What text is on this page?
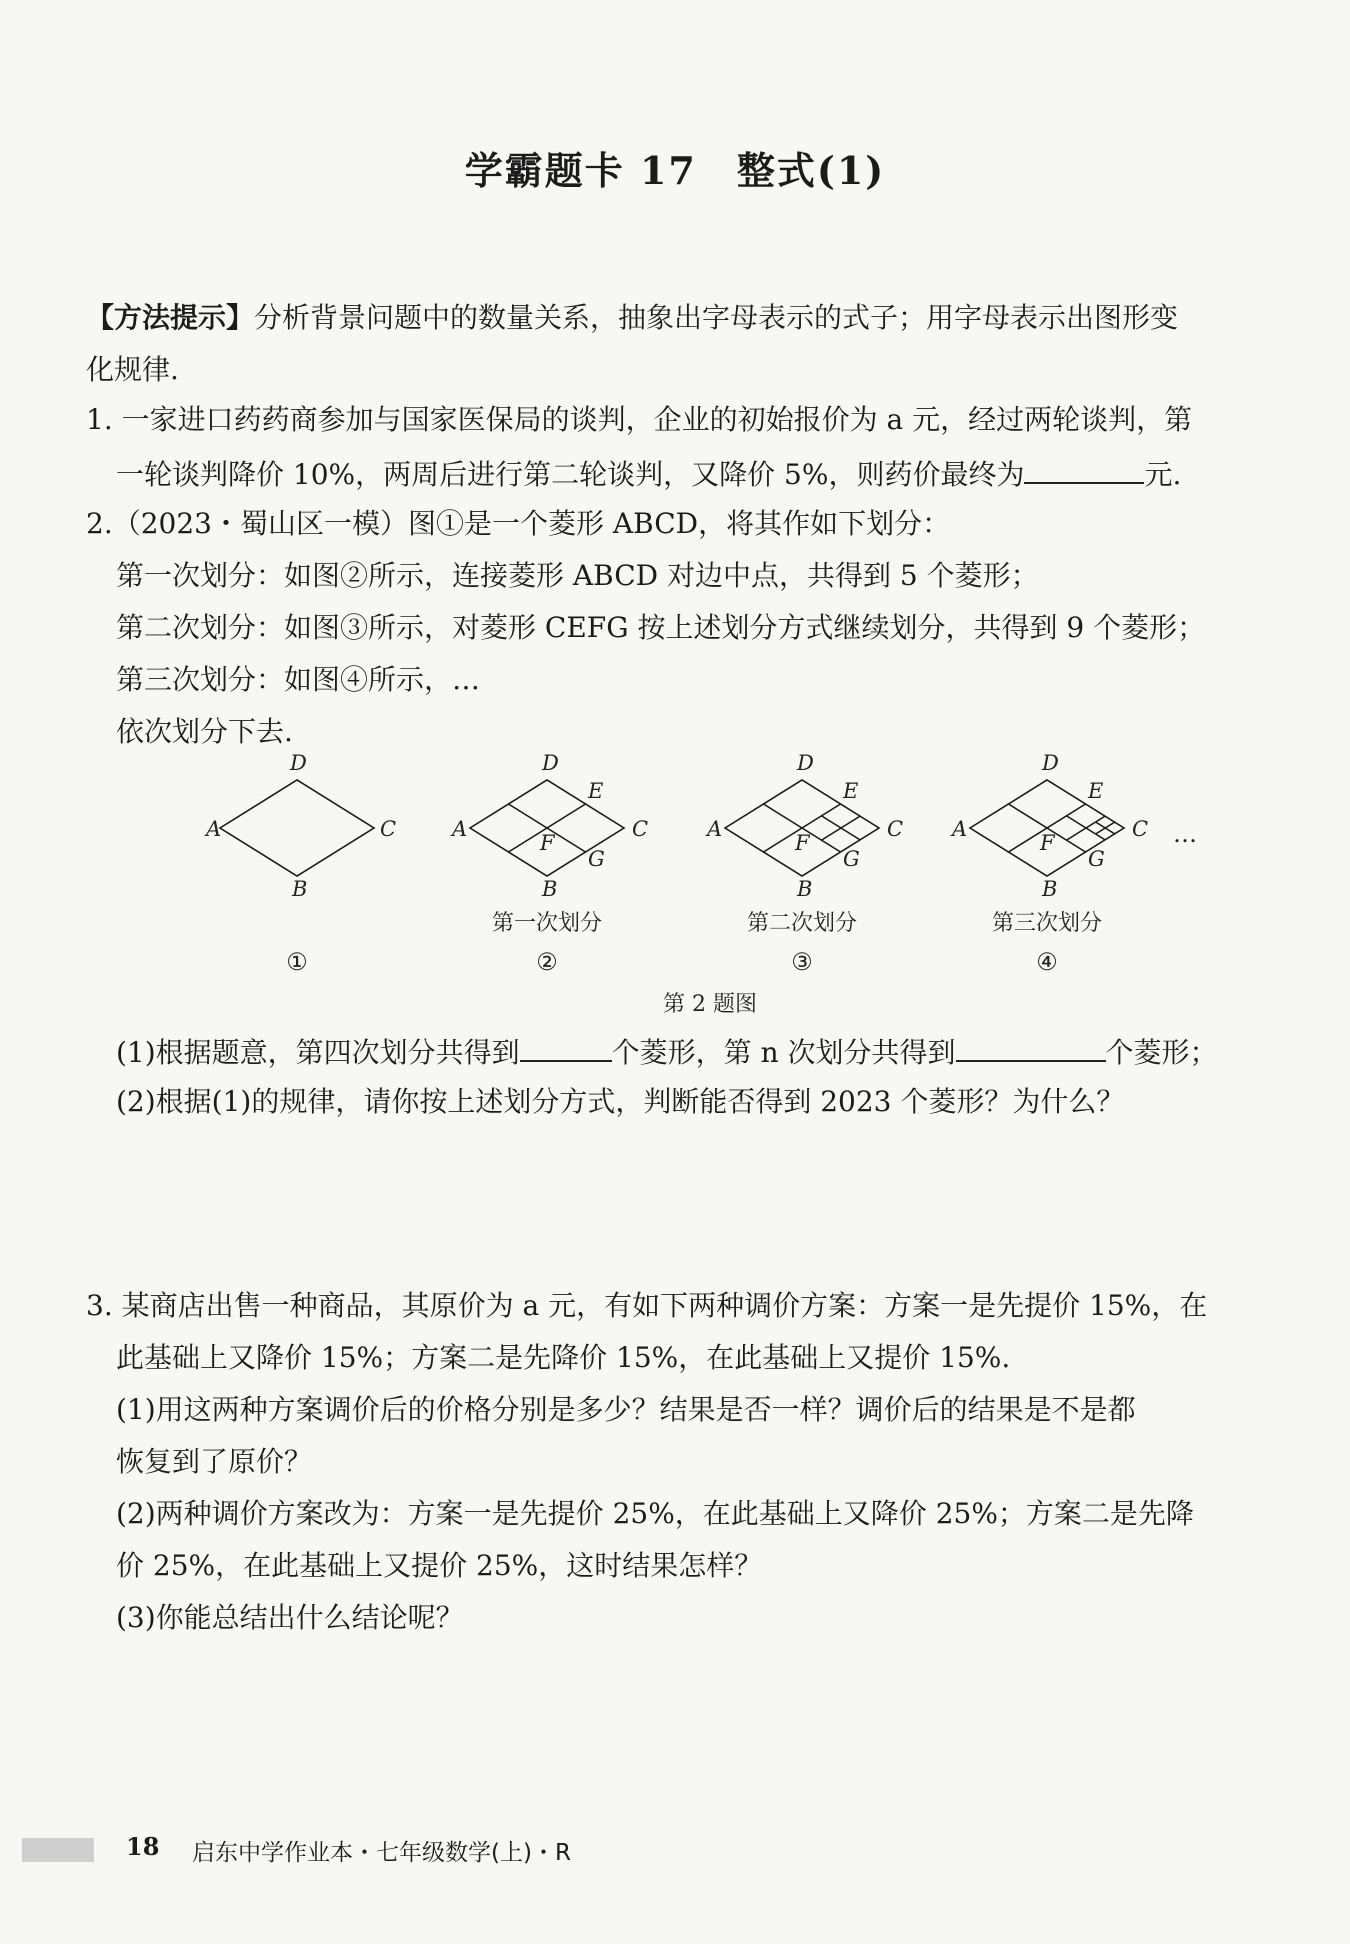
学霸题卡 17 整式(1)
【方法提示】分析背景问题中的数量关系，抽象出字母表示的式子；用字母表示出图形变
化规律.
1. 一家进口药药商参加与国家医保局的谈判，企业的初始报价为 a 元，经过两轮谈判，第
一轮谈判降价 10%，两周后进行第二轮谈判，又降价 5%，则药价最终为	元.
2.（2023・蜀山区一模）图①是一个菱形 ABCD，将其作如下划分：
第一次划分：如图②所示，连接菱形 ABCD 对边中点，共得到 5 个菱形；
第二次划分：如图③所示，对菱形 CEFG 按上述划分方式继续划分，共得到 9 个菱形；
第三次划分：如图④所示，…
依次划分下去.
D
A	C
B
D
A	C
B
E
F
G
D
A	C
B
E
F
G
D
A	C
B
E
F
G
…
第一次划分	第二次划分	第三次划分
①	②	③	④
第 2 题图
(1)根据题意，第四次划分共得到	个菱形，第 n 次划分共得到	个菱形；
(2)根据(1)的规律，请你按上述划分方式，判断能否得到 2023 个菱形？为什么？
3. 某商店出售一种商品，其原价为 a 元，有如下两种调价方案：方案一是先提价 15%，在
此基础上又降价 15%；方案二是先降价 15%，在此基础上又提价 15%.
(1)用这两种方案调价后的价格分别是多少？结果是否一样？调价后的结果是不是都
恢复到了原价？
(2)两种调价方案改为：方案一是先提价 25%，在此基础上又降价 25%；方案二是先降
价 25%，在此基础上又提价 25%，这时结果怎样？
(3)你能总结出什么结论呢？
18 启东中学作业本・七年级数学(上)・R
